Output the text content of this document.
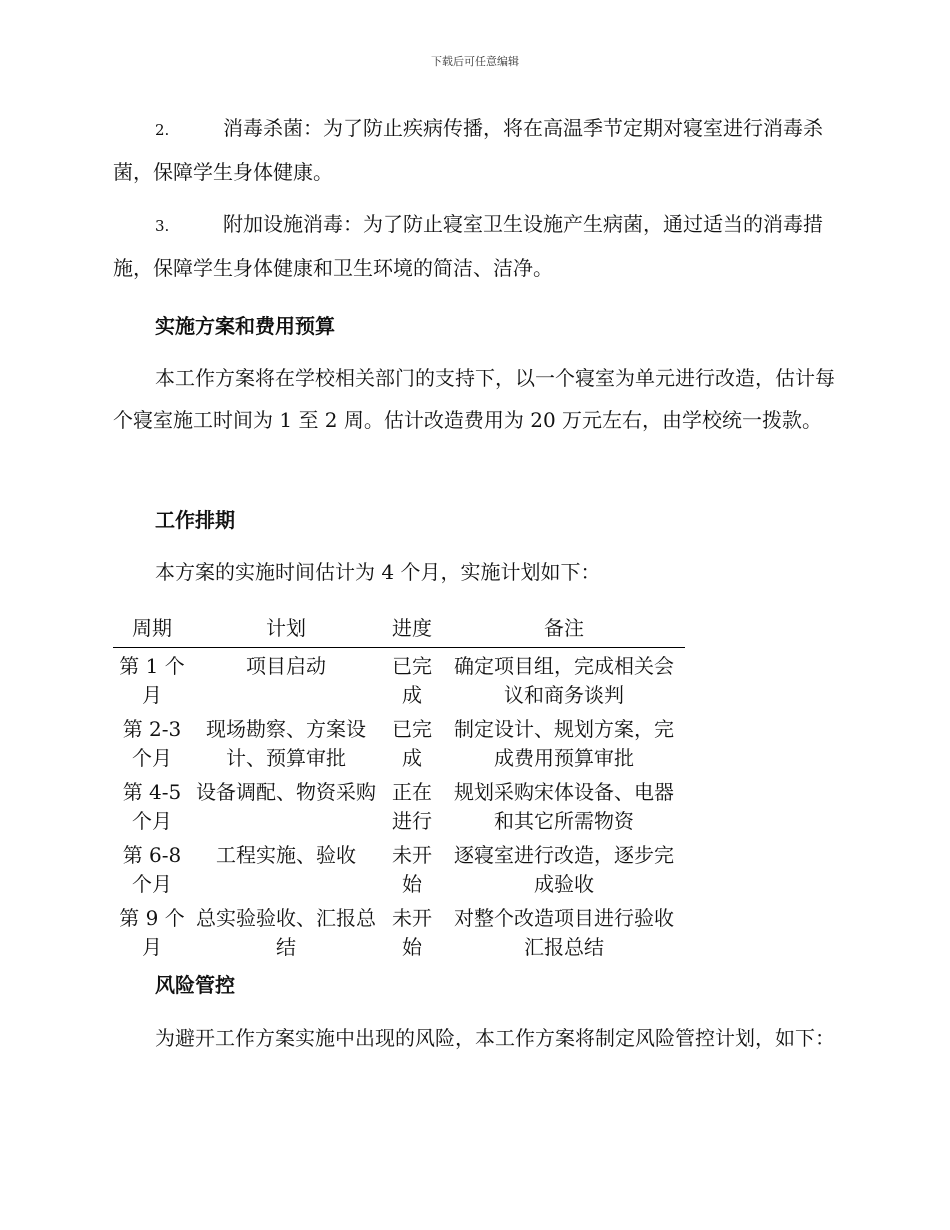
下载后可任意编辑

2.	消毒杀菌：为了防止疾病传播，将在高温季节定期对寝室进行消毒杀菌，保障学生身体健康。

3.	附加设施消毒：为了防止寝室卫生设施产生病菌，通过适当的消毒措施，保障学生身体健康和卫生环境的简洁、洁净。

实施方案和费用预算

本工作方案将在学校相关部门的支持下，以一个寝室为单元进行改造，估计每个寝室施工时间为 1 至 2 周。估计改造费用为 20 万元左右，由学校统一拨款。

工作排期

本方案的实施时间估计为 4 个月，实施计划如下：

周期	计划	进度	备注
第 1 个月	项目启动	已完成	确定项目组，完成相关会议和商务谈判
第 2-3 个月	现场勘察、方案设计、预算审批	已完成	制定设计、规划方案，完成费用预算审批
第 4-5 个月	设备调配、物资采购	正在进行	规划采购宋体设备、电器和其它所需物资
第 6-8 个月	工程实施、验收	未开始	逐寝室进行改造，逐步完成验收
第 9 个月	总实验验收、汇报总结	未开始	对整个改造项目进行验收汇报总结
风险管控

为避开工作方案实施中出现的风险，本工作方案将制定风险管控计划，如下：
